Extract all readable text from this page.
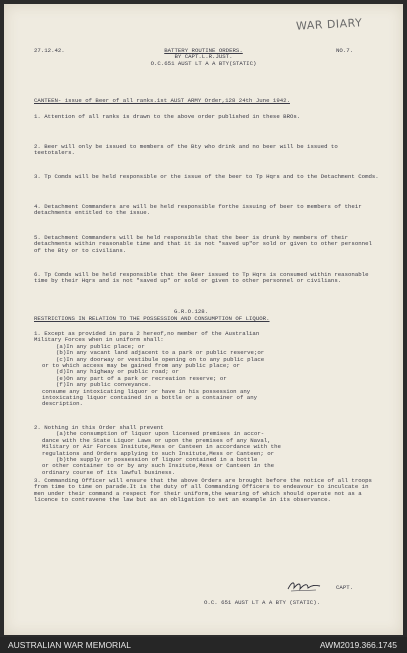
WAR DIARY
27.12.42.	BATTERY ROUTINE ORDERS.
BY CAPT.L.R.JUST.
O.C.651 AUST LT A A BTY(STATIC)
NO.7.
CANTEEN- issue of Beer of all ranks.1st AUST ARMY Order,128 24th June 1942.
1. Attention of all ranks is drawn to the above order published in these BROs.
2. Beer will only be issued to members of the Bty who drink and no beer will be issued to teetotalers.
3. Tp Comds will be held responsible or the issue of the beer to Tp Hqrs and to the Detachment Comds.
4. Detachment Commanders are will be held responsible forthe issuing of beer to members of their detachments entitled to the issue.
5. Detachment Commanders will be held responsible that the beer is drunk by members of their detachments within reasonable time and that it is not "saved up"or sold or given to other personnel of the Bty or to civilians.
6. Tp Comds will be held responsible that the Beer issued to Tp Hqrs is consumed within reasonable time by their Hqrs and is not "saved up" or sold or given to other personnel or civilians.
G.R.O.128.
RESTRICTIONS IN RELATION TO THE POSSESSION AND CONSUMPTION OF LIQUOR.
1. Except as provided in para 2 hereof,no member of the Australian
Military Forces when in uniform shall:
(a)In any public place; or
(b)In any vacant land adjacent to a park or public reserve;or
(c)In any doorway or vestibule opening on to any public place
or to which access may be gained from any public place; or
(d)In any highway or public road; or
(e)On any part of a park or recreation reserve; or
(f)In any public conveyance.
consume any intoxicating liquor or have in his possession any
intoxicating liquor contained in a bottle or a container of any
description.
2. Nothing in this Order shall prevent
(a)the consumption of liquor upon licensed premises in accor-
dance with the State Liquor Laws or upon the premises of any Naval,
Military or Air Forces Insitute,Mess or Canteen in accordance with the
regulations and Orders applying to such Insitute,Mess or Canteen; or
(b)the supply or possession of liquor contained in a bottle
or other container to or by any such Insitute,Mess or Canteen in the
ordinary course of its lawful business.
3. Commanding Officer will ensure that the above Orders are brought before the notice of all troops from time to time on parade.It is the duty of all Commanding Officers to endeavour to inculcate in men under their command a respect for their uniform,the wearing of which should operate not as a licence to contravene the law but as an obligation to set an example in its observance.
CAPT.
O.C. 651 AUST LT A A BTY (STATIC).
AUSTRALIAN WAR MEMORIAL	AWM2019.366.1745
